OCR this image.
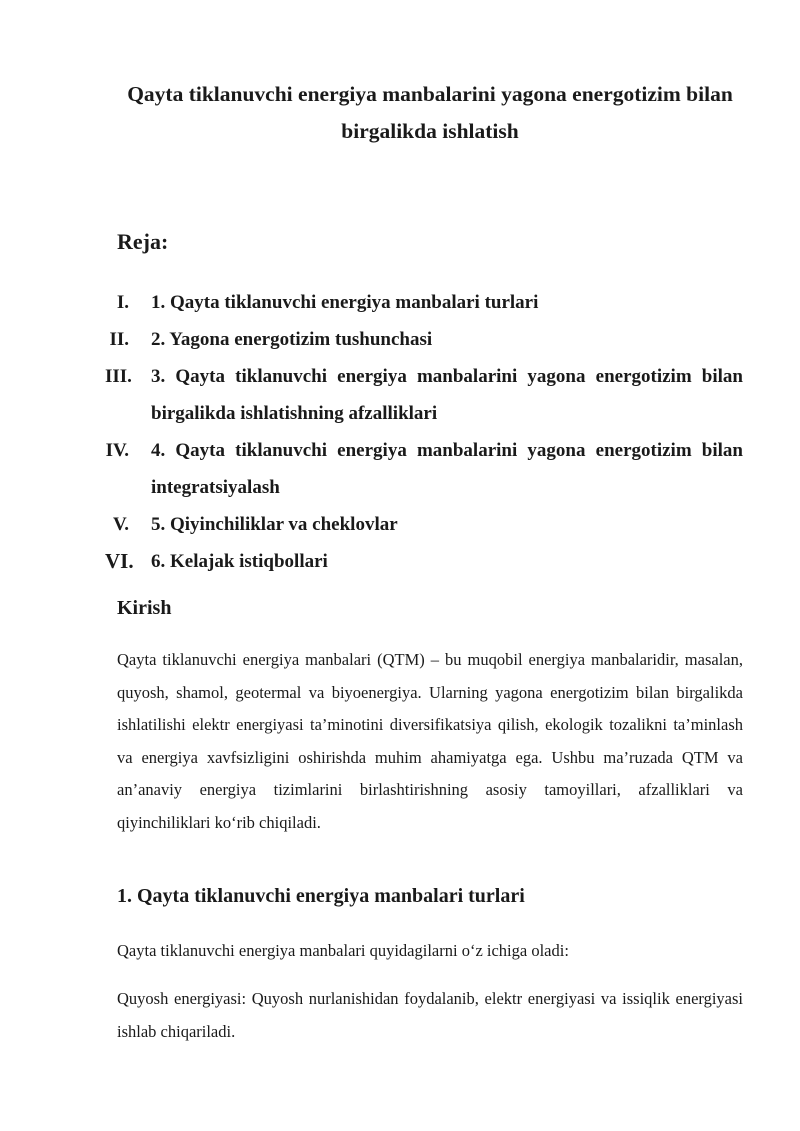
Qayta tiklanuvchi energiya manbalarini yagona energotizim bilan birgalikda ishlatish
Reja:
I.	1. Qayta tiklanuvchi energiya manbalari turlari
II.	2. Yagona energotizim tushunchasi
III.	3. Qayta tiklanuvchi energiya manbalarini yagona energotizim bilan birgalikda ishlatishning afzalliklari
IV.	4. Qayta tiklanuvchi energiya manbalarini yagona energotizim bilan integratsiyalash
V.	5. Qiyinchiliklar va cheklovlar
VI. 6. Kelajak istiqbollari
Kirish

Qayta tiklanuvchi energiya manbalari (QTM) – bu muqobil energiya manbalaridir, masalan, quyosh, shamol, geotermal va biyoenergiya. Ularning yagona energotizim bilan birgalikda ishlatilishi elektr energiyasi ta’minotini diversifikatsiya qilish, ekologik tozalikni ta’minlash va energiya xavfsizligini oshirishda muhim ahamiyatga ega. Ushbu ma’ruzada QTM va an’anaviy energiya tizimlarini birlashtirishning asosiy tamoyillari, afzalliklari va qiyinchiliklari ko‘rib chiqiladi.

1. Qayta tiklanuvchi energiya manbalari turlari

Qayta tiklanuvchi energiya manbalari quyidagilarni o‘z ichiga oladi:

Quyosh energiyasi: Quyosh nurlanishidan foydalanib, elektr energiyasi va issiqlik energiyasi ishlab chiqariladi.
